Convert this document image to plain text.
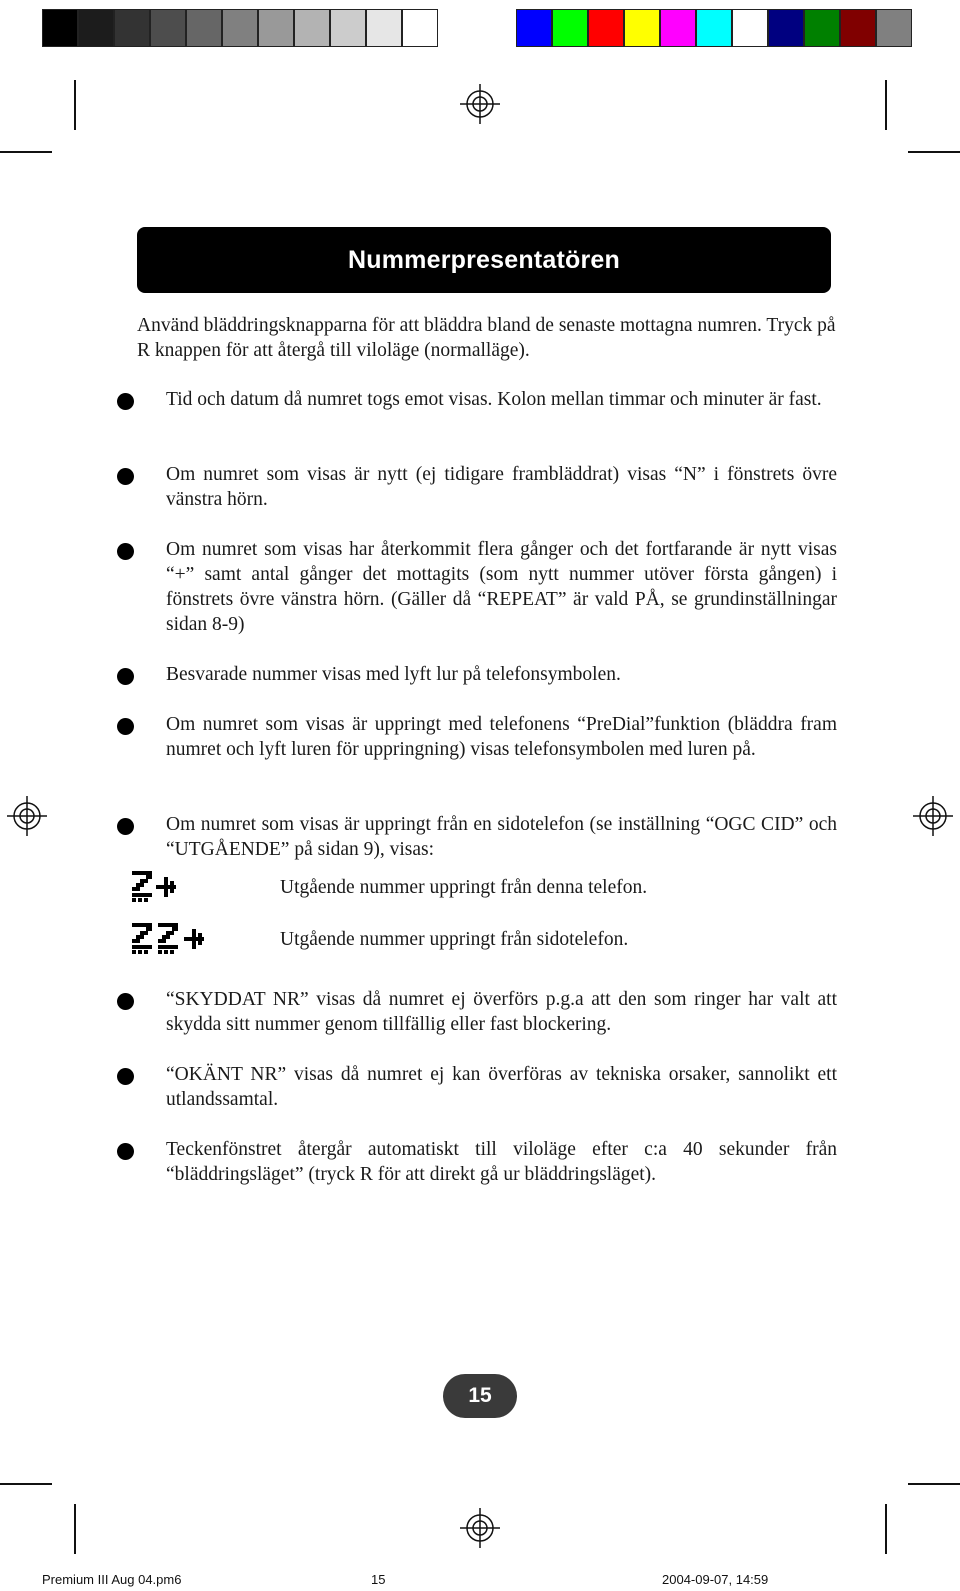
Nummerpresentatören

Använd bläddringsknapparna för att bläddra bland de senaste mottagna numren. Tryck på R knappen för att återgå till viloläge (normalläge).

Tid och datum då numret togs emot visas. Kolon mellan timmar och minuter är fast.

Om numret som visas är nytt (ej tidigare frambläddrat) visas “N” i fönstrets övre vänstra hörn.

Om numret som visas har återkommit flera gånger och det fortfarande är nytt visas “+” samt antal gånger det mottagits (som nytt nummer utöver första gången) i fönstrets övre vänstra hörn. (Gäller då “REPEAT” är vald PÅ, se grundinställningar sidan 8-9)

Besvarade nummer visas med lyft lur på telefonsymbolen.

Om numret som visas är uppringt med telefonens “PreDial”funktion (bläddra fram numret och lyft luren för uppringning) visas telefonsymbolen med luren på.

Om numret som visas är uppringt från en sidotelefon (se inställning “OGC CID” och “UTGÅENDE” på sidan 9), visas:

Utgående nummer uppringt från denna telefon.
Utgående nummer uppringt från sidotelefon.

“SKYDDAT NR” visas då numret ej överförs p.g.a att den som ringer har valt att skydda sitt nummer genom tillfällig eller fast blockering.

“OKÄNT NR” visas då numret ej kan överföras av tekniska orsaker, sannolikt ett utlandssamtal.

Teckenfönstret återgår automatiskt till viloläge efter c:a 40 sekunder från “bläddringsläget” (tryck R för att direkt gå ur bläddringsläget).

15
Premium III Aug 04.pm6	15	2004-09-07, 14:59
